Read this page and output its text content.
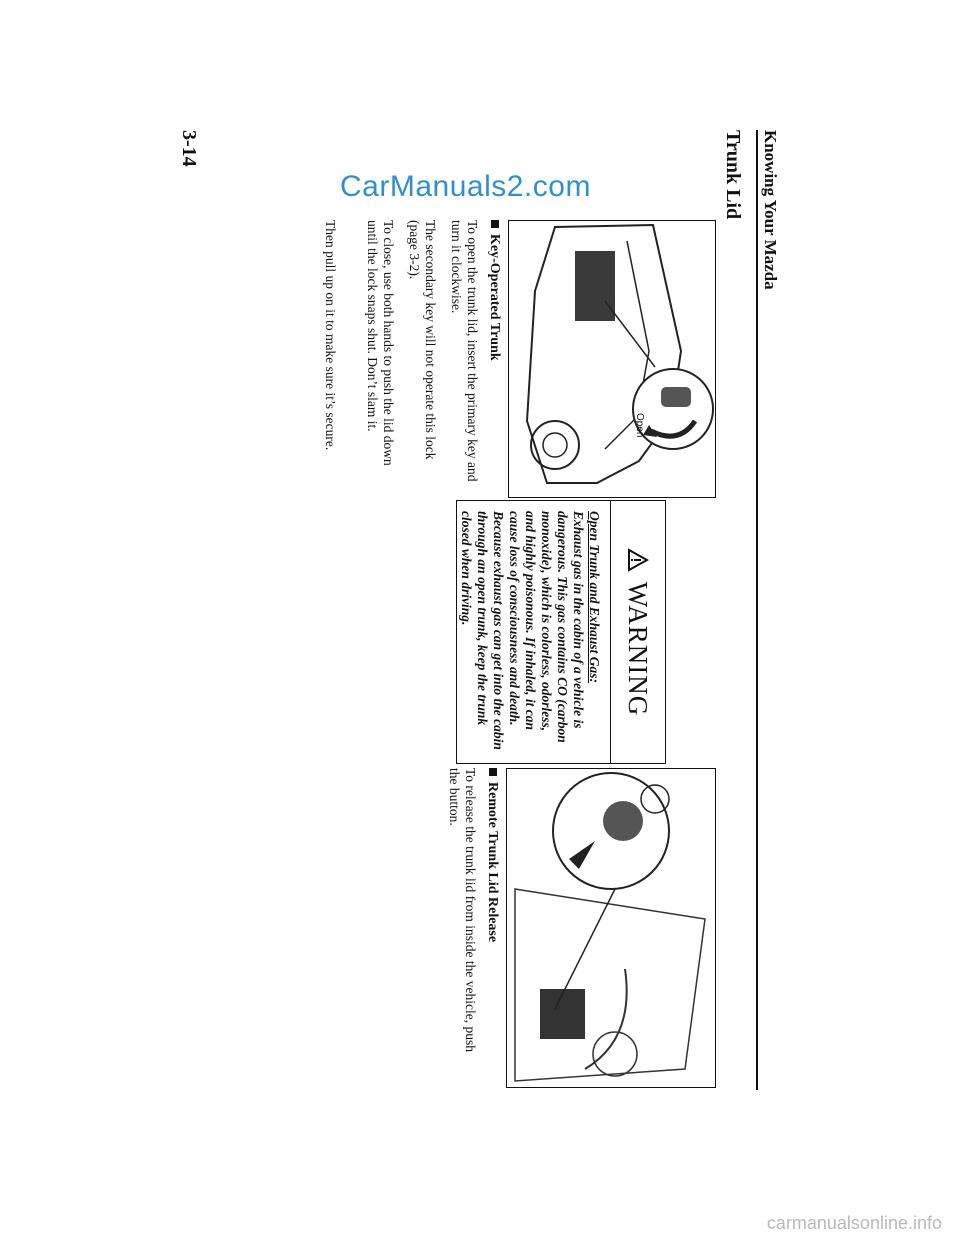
CarManuals2.com
carmanualsonline.info
Knowing Your Mazda
Trunk Lid
Open
Key-Operated Trunk

To open the trunk lid, insert the primary key and turn it clockwise.

The secondary key will not operate this lock (page 3-2).

To close, use both hands to push the lid down until the lock snaps shut. Don’t slam it.

Then pull up on it to make sure it’s secure.

WARNING
Open Trunk and Exhaust Gas:
Exhaust gas in the cabin of a vehicle is dangerous. This gas contains CO (carbon monoxide), which is colorless, odorless, and highly poisonous. If inhaled, it can cause loss of consciousness and death. Because exhaust gas can get into the cabin through an open trunk, keep the trunk closed when driving.
Remote Trunk Lid Release

To release the trunk lid from inside the vehicle, push the button.

3-14
